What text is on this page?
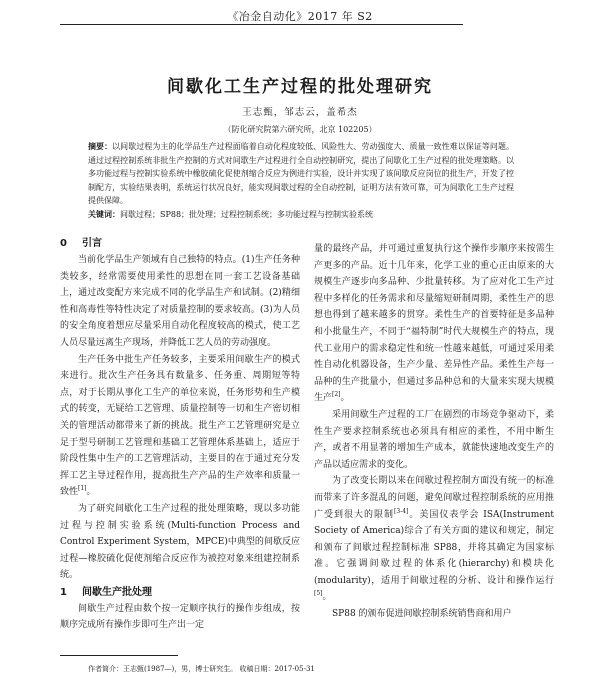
《冶金自动化》2017 年 S2
间歇化工生产过程的批处理研究
王志甄，邹志云，盖希杰
（防化研究院第六研究所，北京 102205）
摘要：以间歇过程为主的化学品生产过程面临着自动化程度较低、风险性大、劳动强度大、质量一致性难以保证等问题。通过过程控制系统非批生产控制的方式对间歇生产过程进行全自动控制研究，提出了间歇化工生产过程的批处理策略。以多功能过程与控制实验系统中橡胶硫化促使剂缩合反应为例进行实验，设计并实现了该间歇反应岗位的批生产，开发了控制配方，实验结果表明，系统运行状况良好，能实现间歇过程的全自动控制，证明方法有效可靠，可为间歇化工生产过程提供保障。
关键词：间歇过程；SP88；批处理；过程控制系统；多功能过程与控制实验系统
0 引言

当前化学品生产领域有自己独特的特点。(1)生产任务种类较多，经常需要使用柔性的思想在同一套工艺设备基础上，通过改变配方来完成不同的化学品生产和试制。(2)精细性和高毒性等特性决定了对质量控制的要求较高。(3)为人员的安全角度着想应尽量采用自动化程度较高的模式，使工艺人员尽量远离生产现场，并降低工艺人员的劳动强度。

生产任务中批生产任务较多，主要采用间歇生产的模式来进行。批次生产任务具有数量多、任务重、周期短等特点，对于长期从事化工生产的单位来说，任务形势和生产模式的转变，无疑给工艺管理、质量控制等一切和生产密切相关的管理活动都带来了新的挑战。批生产工艺管理研究是立足于型号研制工艺管理和基础工艺管理体系基础上，适应于阶段性集中生产的工艺管理活动，主要目的在于通过充分发挥工艺主导过程作用，提高批生产产品的生产效率和质量一致性[1]。

为了研究间歇化工生产过程的批处理策略，现以多功能过程与控制实验系统(Multi-function Process and Control Experiment System，MPCE)中典型的间歇反应过程—橡胶硫化促使剂缩合反应作为被控对象来组建控制系统。

1 间歇生产批处理

间歇生产过程由数个按一定顺序执行的操作步组成，按顺序完成所有操作步即可生产出一定

量的最终产品，并可通过重复执行这个操作步顺序来按需生产更多的产品。近十几年来，化学工业的重心正由原来的大规模生产逐步向多品种、少批量转移。为了应对化工生产过程中多样化的任务需求和尽量缩短研制周期，柔性生产的思想也得到了越来越多的贯穿。柔性生产的首要特征是多品种和小批量生产，不同于“福特制”时代大规模生产的特点，现代工业用户的需求稳定性和统一性越来越低，可通过采用柔性自动化机器设备，生产少量、差异性产品。柔性生产每一品种的生产批量小，但通过多品种总和的大量来实现大规模生产[2]。

采用间歇生产过程的工厂在剧烈的市场竞争驱动下，柔性生产要求控制系统也必须具有相应的柔性，不用中断生产，或者不用显著的增加生产成本，就能快速地改变生产的产品以适应需求的变化。

为了改变长期以来在间歇过程控制方面没有统一的标准而带来了许多混乱的问题，避免间歇过程控制系统的应用推广受到很大的限制[3-4]。美国仪表学会 ISA(Instrument Society of America)综合了有关方面的建议和规定，制定和颁布了间歇过程控制标准 SP88，并将其确定为国家标准。它强调间歇过程的体系化(hierarchy)和模块化(modularity)，适用于间歇过程的分析、设计和操作运行[5]。

SP88 的颁布促进间歇控制系统销售商和用户

作者简介：王志甄(1987—)，男，博士研究生。 收稿日期：2017-05-31
